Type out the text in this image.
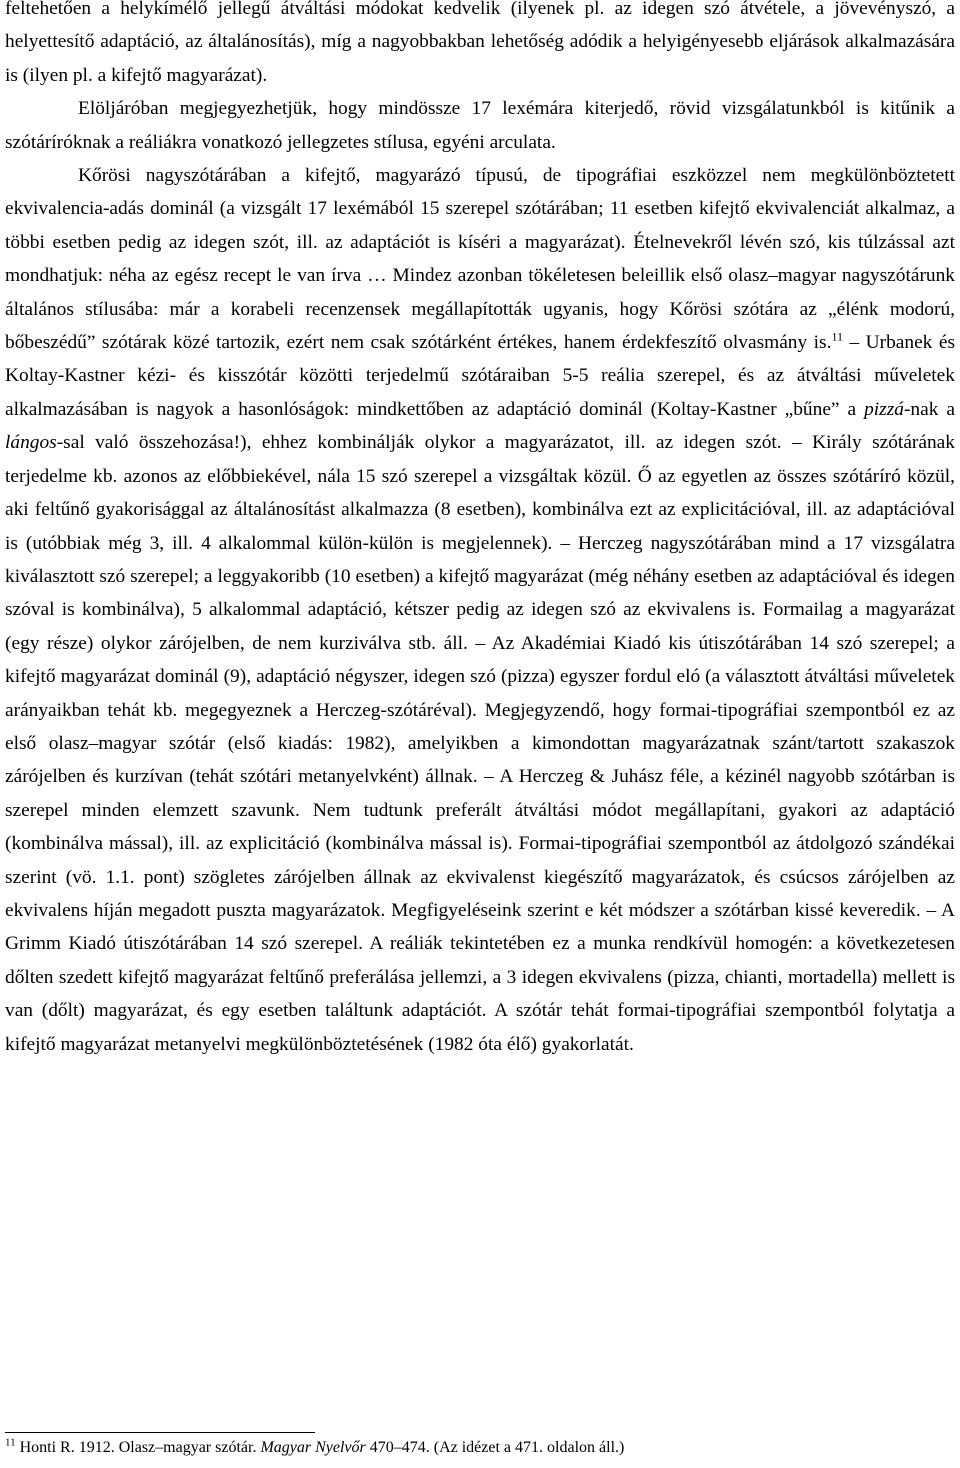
feltehetően a helykímélő jellegű átváltási módokat kedvelik (ilyenek pl. az idegen szó átvétele, a jövevényszó, a helyettesítő adaptáció, az általánosítás), míg a nagyobbakban lehetőség adódik a helyigényesebb eljárások alkalmazására is (ilyen pl. a kifejtő magyarázat).

Elöljáróban megjegyezhetjük, hogy mindössze 17 lexémára kiterjedő, rövid vizsgálatunkból is kitűnik a szótáríróknak a reáliákra vonatkozó jellegzetes stílusa, egyéni arculata.

Kőrösi nagyszótárában a kifejtő, magyarázó típusú, de tipográfiai eszközzel nem megkülönböztetett ekvivalencia-adás dominál (a vizsgált 17 lexémából 15 szerepel szótárában; 11 esetben kifejtő ekvivalenciát alkalmaz, a többi esetben pedig az idegen szót, ill. az adaptációt is kíséri a magyarázat). Ételnevekről lévén szó, kis túlzással azt mondhatjuk: néha az egész recept le van írva … Mindez azonban tökéletesen beleillik első olasz–magyar nagyszótárunk általános stílusába: már a korabeli recenzensek megállapították ugyanis, hogy Kőrösi szótára az „élénk modorú, bőbeszédű” szótárak közé tartozik, ezért nem csak szótárként értékes, hanem érdekfeszítő olvasmány is.$^{11}$ – Urbanek és Koltay-Kastner kézi- és kisszótár közötti terjedelmű szótáraiban 5-5 reália szerepel, és az átváltási műveletek alkalmazásában is nagyok a hasonlóságok: mindkettőben az adaptáció dominál (Koltay-Kastner „bűne” a pizzá-nak a lángos-sal való összehozása!), ehhez kombinálják olykor a magyarázatot, ill. az idegen szót. – Király szótárának terjedelme kb. azonos az előbbiekével, nála 15 szó szerepel a vizsgáltak közül. Ő az egyetlen az összes szótáríró közül, aki feltűnő gyakorisággal az általánosítást alkalmazza (8 esetben), kombinálva ezt az explicitációval, ill. az adaptációval is (utóbbiak még 3, ill. 4 alkalommal külön-külön is megjelennek). – Herczeg nagyszótárában mind a 17 vizsgálatra kiválasztott szó szerepel; a leggyakoribb (10 esetben) a kifejtő magyarázat (még néhány esetben az adaptációval és idegen szóval is kombinálva), 5 alkalommal adaptáció, kétszer pedig az idegen szó az ekvivalens is. Formailag a magyarázat (egy része) olykor zárójelben, de nem kurziválva stb. áll. – Az Akadémiai Kiadó kis útiszótárában 14 szó szerepel; a kifejtő magyarázat dominál (9), adaptáció négyszer, idegen szó (pizza) egyszer fordul eló (a választott átváltási műveletek arányaikban tehát kb. megegyeznek a Herczeg-szótáréval). Megjegyzendő, hogy formai-tipográfiai szempontból ez az első olasz–magyar szótár (első kiadás: 1982), amelyikben a kimondottan magyarázatnak szánt/tartott szakaszok zárójelben és kurzívan (tehát szótári metanyelvként) állnak. – A Herczeg & Juhász féle, a kézinél nagyobb szótárban is szerepel minden elemzett szavunk. Nem tudtunk preferált átváltási módot megállapítani, gyakori az adaptáció (kombinálva mással), ill. az explicitáció (kombinálva mással is). Formai-tipográfiai szempontból az átdolgozó szándékai szerint (vö. 1.1. pont) szögletes zárójelben állnak az ekvivalenst kiegészítő magyarázatok, és csúcsos zárójelben az ekvivalens híján megadott puszta magyarázatok. Megfigyeléseink szerint e két módszer a szótárban kissé keveredik. – A Grimm Kiadó útiszótárában 14 szó szerepel. A reáliák tekintetében ez a munka rendkívül homogén: a következetesen dőlten szedett kifejtő magyarázat feltűnő preferálása jellemzi, a 3 idegen ekvivalens (pizza, chianti, mortadella) mellett is van (dőlt) magyarázat, és egy esetben találtunk adaptációt. A szótár tehát formai-tipográfiai szempontból folytatja a kifejtő magyarázat metanyelvi megkülönböztetésének (1982 óta élő) gyakorlatát.

$^{11}$ Honti R. 1912. Olasz–magyar szótár. Magyar Nyelvőr 470–474. (Az idézet a 471. oldalon áll.)
